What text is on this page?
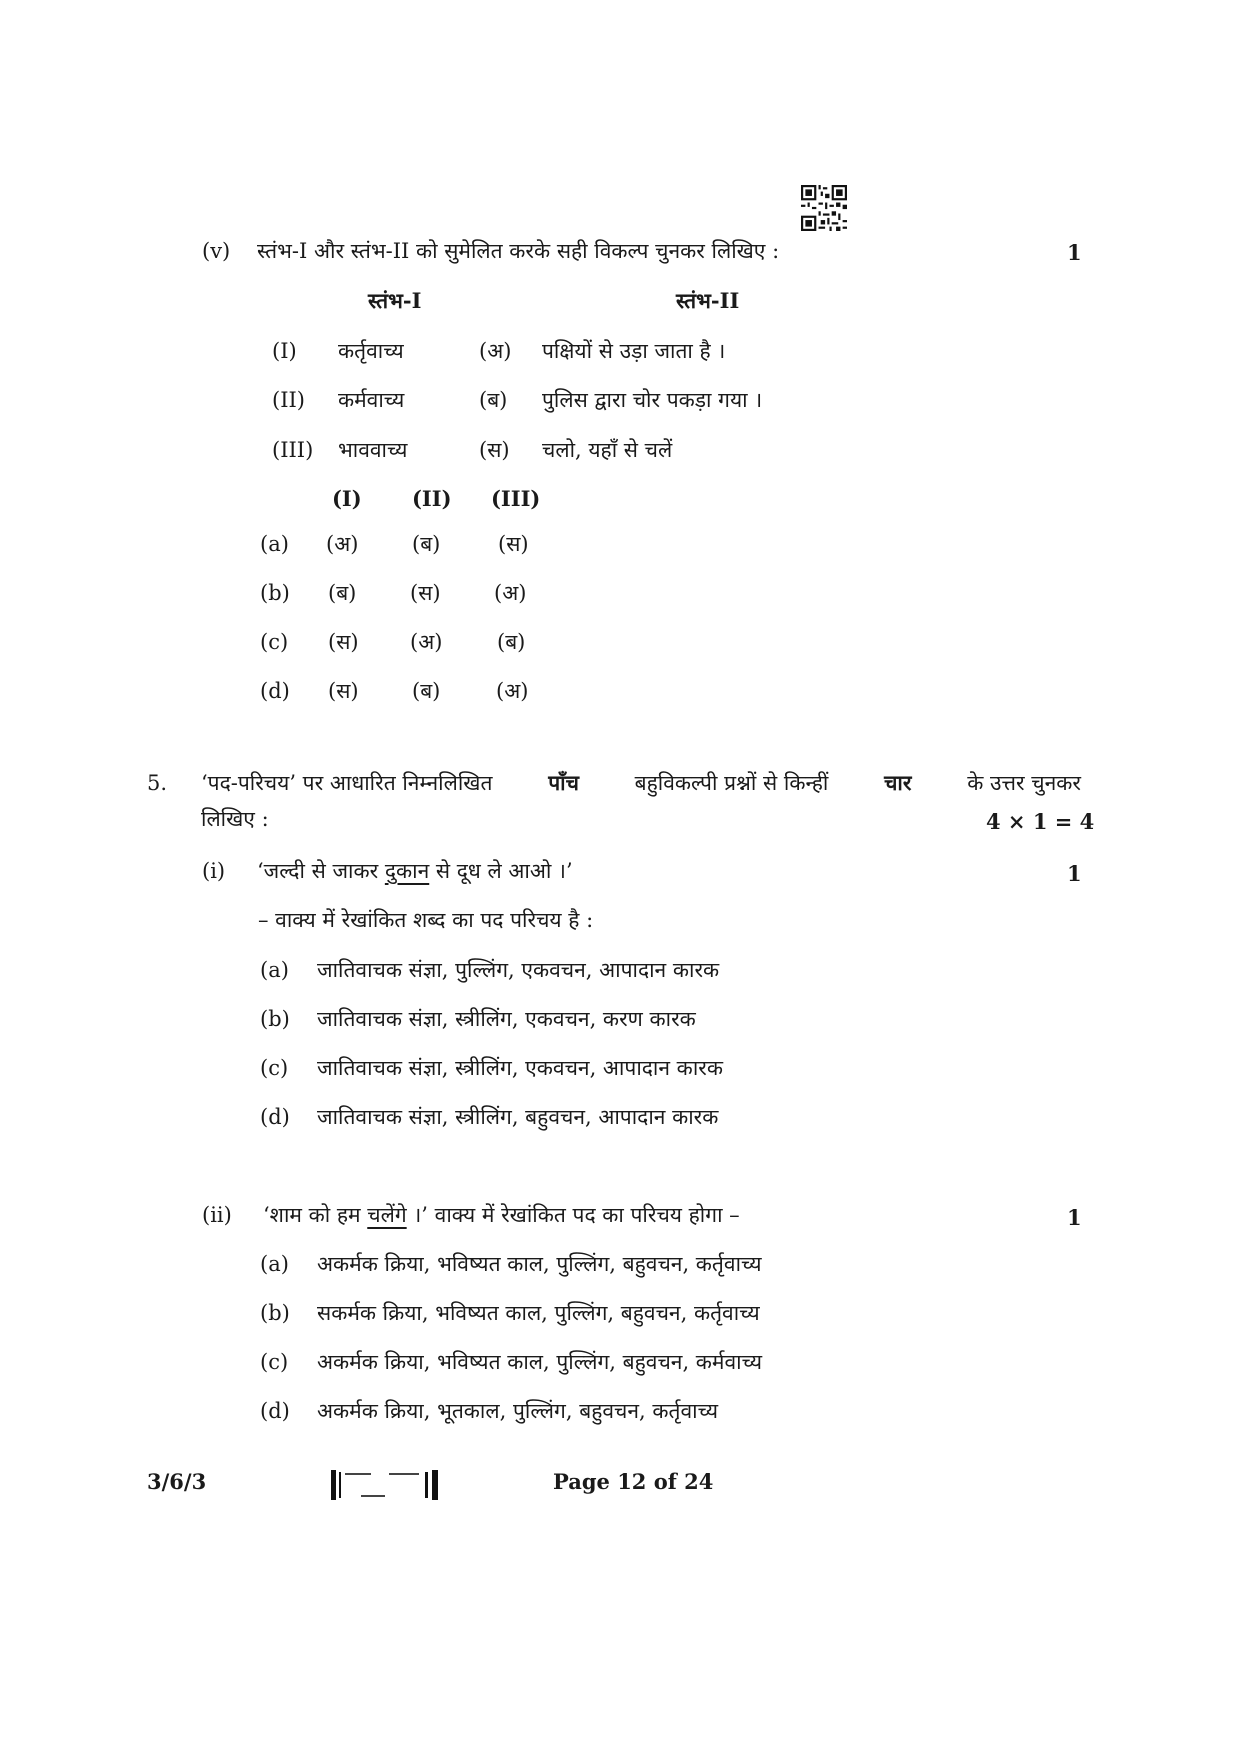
(v) स्तंभ-I और स्तंभ-II को सुमेलित करके सही विकल्प चुनकर लिखिए :	1
स्तंभ-I	स्तंभ-II
(I) कर्तृवाच्य	(अ) पक्षियों से उड़ा जाता है ।
(II) कर्मवाच्य	(ब) पुलिस द्वारा चोर पकड़ा गया ।
(III) भाववाच्य	(स) चलो, यहाँ से चलें
(I) (II) (III)
(a) (अ)	(ब)	(स)
(b) (ब)	(स)	(अ)
(c) (स) (अ)	(ब)
(d) (स)	(ब)	(अ)
5. ‘पद-परिचय’ पर आधारित निम्नलिखित	पाँच	बहुविकल्पी प्रश्नों से किन्हीं	चार	के उत्तर चुनकर
लिखिए :	4 × 1 = 4
(i) ‘जल्दी से जाकर दुकान से दूध ले आओ ।’	1
– वाक्य में रेखांकित शब्द का पद परिचय है :
(a) जातिवाचक संज्ञा, पुल्लिंग, एकवचन, आपादान कारक
(b) जातिवाचक संज्ञा, स्त्रीलिंग, एकवचन, करण कारक
(c) जातिवाचक संज्ञा, स्त्रीलिंग, एकवचन, आपादान कारक
(d) जातिवाचक संज्ञा, स्त्रीलिंग, बहुवचन, आपादान कारक
(ii) ‘शाम को हम चलेंगे ।’ वाक्य में रेखांकित पद का परिचय होगा –	1
(a) अकर्मक क्रिया, भविष्यत काल, पुल्लिंग, बहुवचन, कर्तृवाच्य
(b) सकर्मक क्रिया, भविष्यत काल, पुल्लिंग, बहुवचन, कर्तृवाच्य
(c) अकर्मक क्रिया, भविष्यत काल, पुल्लिंग, बहुवचन, कर्मवाच्य
(d) अकर्मक क्रिया, भूतकाल, पुल्लिंग, बहुवचन, कर्तृवाच्य
3/6/3	Page 12 of 24
